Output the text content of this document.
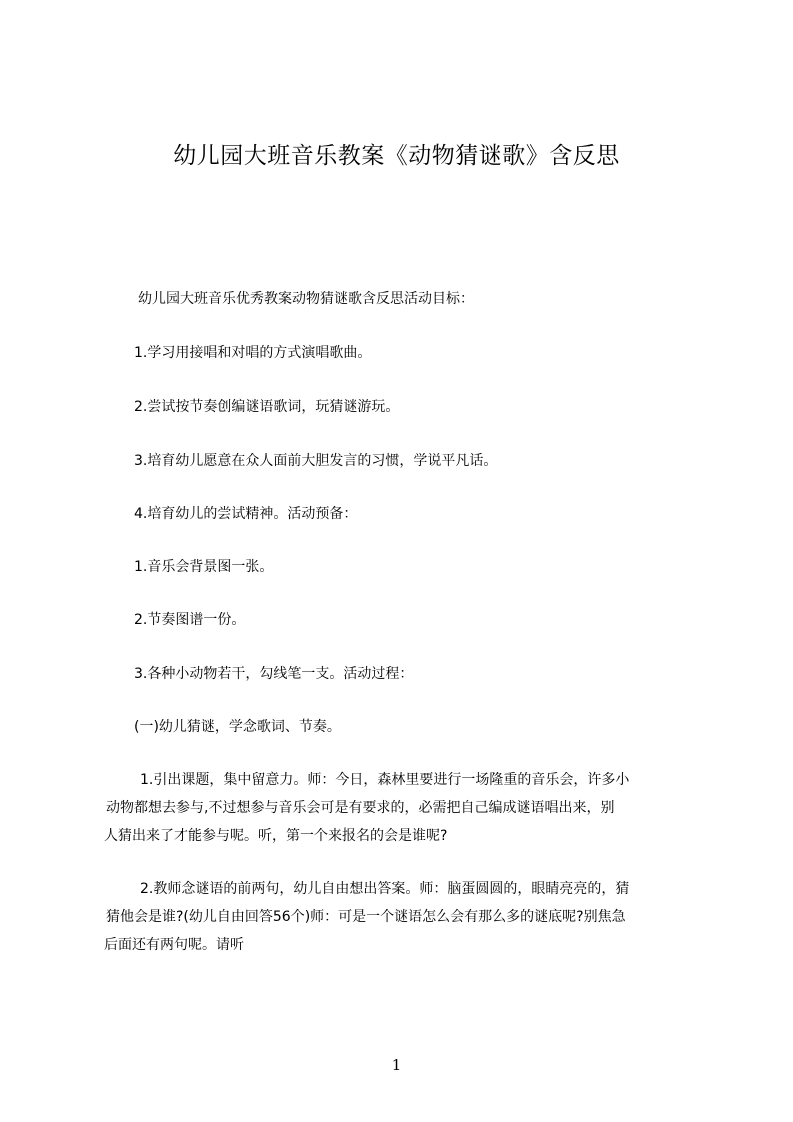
幼儿园大班音乐教案《动物猜谜歌》含反思
幼儿园大班音乐优秀教案动物猜谜歌含反思活动目标：
1.学习用接唱和对唱的方式演唱歌曲。
2.尝试按节奏创编谜语歌词，玩猜谜游玩。
3.培育幼儿愿意在众人面前大胆发言的习惯，学说平凡话。
4.培育幼儿的尝试精神。活动预备：
1.音乐会背景图一张。
2.节奏图谱一份。
3.各种小动物若干，勾线笔一支。活动过程：
(一)幼儿猜谜，学念歌词、节奏。
1.引出课题，集中留意力。师：今日，森林里要进行一场隆重的音乐会，许多小
动物都想去参与,不过想参与音乐会可是有要求的，必需把自己编成谜语唱出来，别
人猜出来了才能参与呢。听，第一个来报名的会是谁呢?
2.教师念谜语的前两句，幼儿自由想出答案。师：脑蛋圆圆的，眼睛亮亮的，猜
猜他会是谁?(幼儿自由回答56个)师：可是一个谜语怎么会有那么多的谜底呢?别焦急
后面还有两句呢。请听
1
